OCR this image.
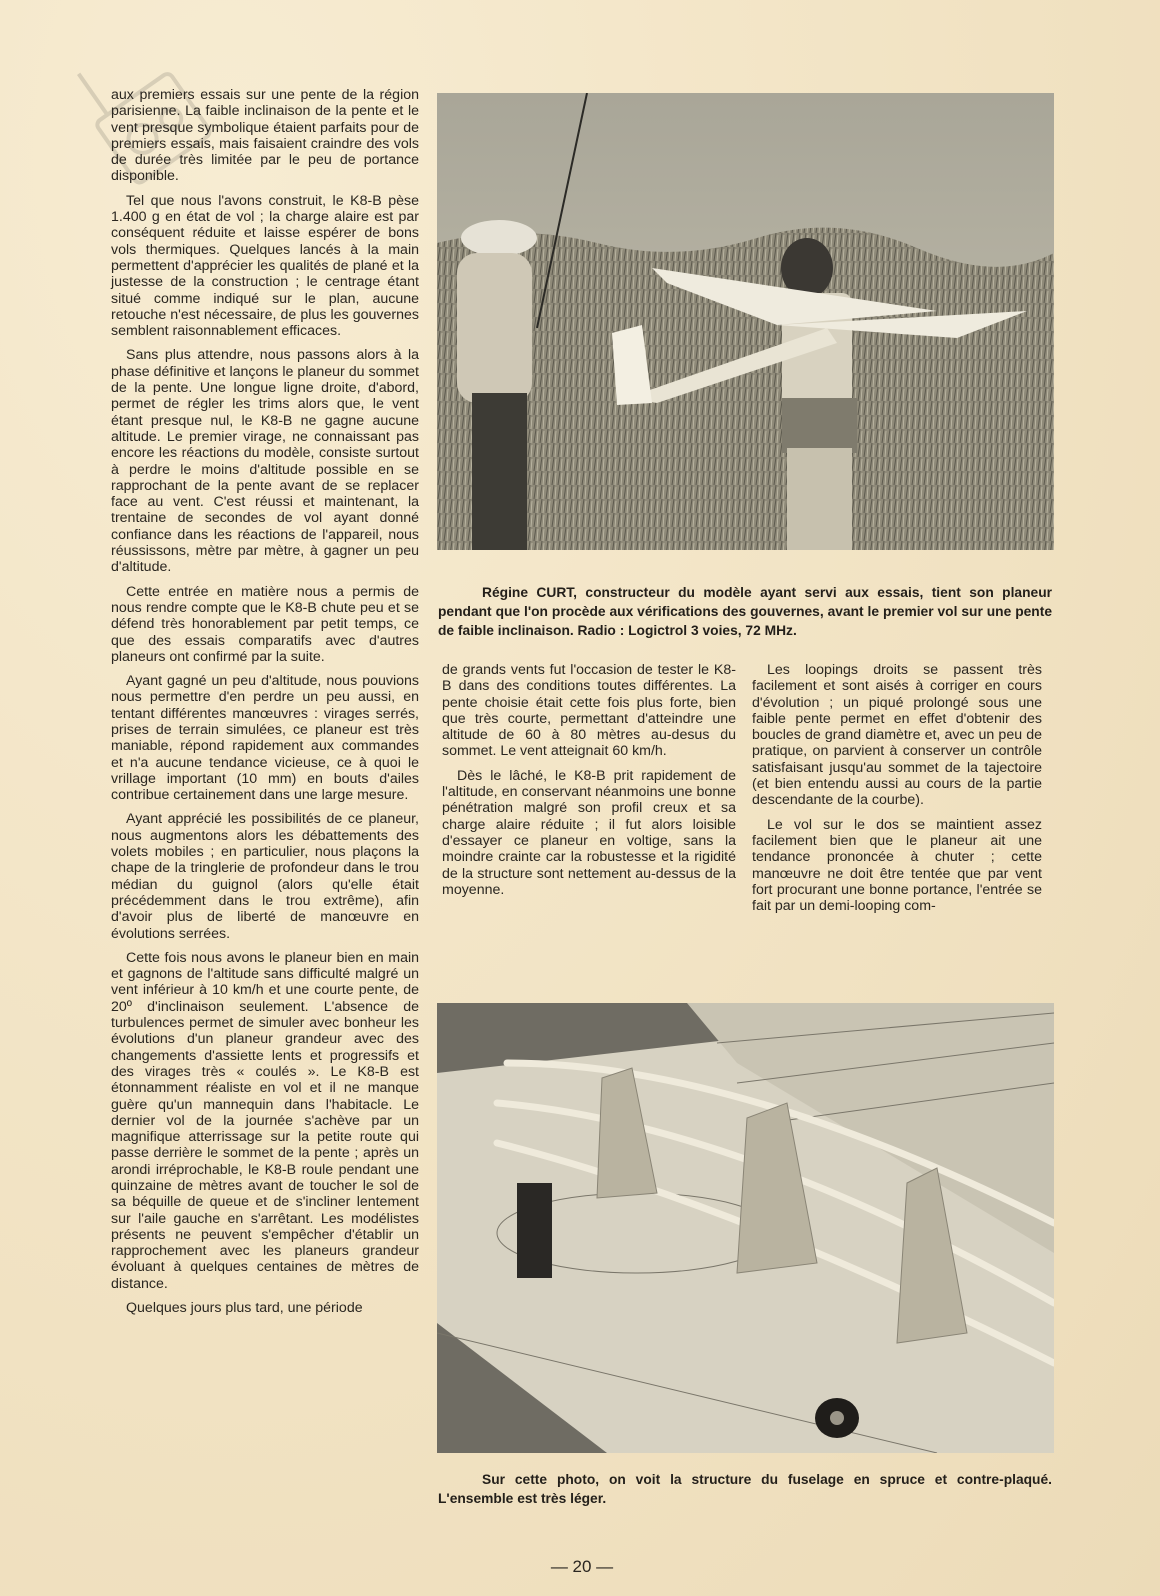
aux premiers essais sur une pente de la région parisienne. La faible inclinaison de la pente et le vent presque symbolique étaient parfaits pour de premiers essais, mais faisaient craindre des vols de durée très limitée par le peu de portance disponible.

Tel que nous l'avons construit, le K8-B pèse 1.400 g en état de vol ; la charge alaire est par conséquent réduite et laisse espérer de bons vols thermiques. Quelques lancés à la main permettent d'apprécier les qualités de plané et la justesse de la construction ; le centrage étant situé comme indiqué sur le plan, aucune retouche n'est nécessaire, de plus les gouvernes semblent raisonnablement efficaces.

Sans plus attendre, nous passons alors à la phase définitive et lançons le planeur du sommet de la pente. Une longue ligne droite, d'abord, permet de régler les trims alors que, le vent étant presque nul, le K8-B ne gagne aucune altitude. Le premier virage, ne connaissant pas encore les réactions du modèle, consiste surtout à perdre le moins d'altitude possible en se rapprochant de la pente avant de se replacer face au vent. C'est réussi et maintenant, la trentaine de secondes de vol ayant donné confiance dans les réactions de l'appareil, nous réussissons, mètre par mètre, à gagner un peu d'altitude.

Cette entrée en matière nous a permis de nous rendre compte que le K8-B chute peu et se défend très honorablement par petit temps, ce que des essais comparatifs avec d'autres planeurs ont confirmé par la suite.

Ayant gagné un peu d'altitude, nous pouvions nous permettre d'en perdre un peu aussi, en tentant différentes manœuvres : virages serrés, prises de terrain simulées, ce planeur est très maniable, répond rapidement aux commandes et n'a aucune tendance vicieuse, ce à quoi le vrillage important (10 mm) en bouts d'ailes contribue certainement dans une large mesure.

Ayant apprécié les possibilités de ce planeur, nous augmentons alors les débattements des volets mobiles ; en particulier, nous plaçons la chape de la tringlerie de profondeur dans le trou médian du guignol (alors qu'elle était précédemment dans le trou extrême), afin d'avoir plus de liberté de manœuvre en évolutions serrées.

Cette fois nous avons le planeur bien en main et gagnons de l'altitude sans difficulté malgré un vent inférieur à 10 km/h et une courte pente, de 20º d'inclinaison seulement. L'absence de turbulences permet de simuler avec bonheur les évolutions d'un planeur grandeur avec des changements d'assiette lents et progressifs et des virages très « coulés ». Le K8-B est étonnamment réaliste en vol et il ne manque guère qu'un mannequin dans l'habitacle. Le dernier vol de la journée s'achève par un magnifique atterrissage sur la petite route qui passe derrière le sommet de la pente ; après un arondi irréprochable, le K8-B roule pendant une quinzaine de mètres avant de toucher le sol de sa béquille de queue et de s'incliner lentement sur l'aile gauche en s'arrêtant. Les modélistes présents ne peuvent s'empêcher d'établir un rapprochement avec les planeurs grandeur évoluant à quelques centaines de mètres de distance.

Quelques jours plus tard, une période

Régine CURT, constructeur du modèle ayant servi aux essais, tient son planeur pendant que l'on procède aux vérifications des gouvernes, avant le premier vol sur une pente de faible inclinaison. Radio : Logictrol 3 voies, 72 MHz.

de grands vents fut l'occasion de tester le K8-B dans des conditions toutes différentes. La pente choisie était cette fois plus forte, bien que très courte, permettant d'atteindre une altitude de 60 à 80 mètres au-desus du sommet. Le vent atteignait 60 km/h.

Dès le lâché, le K8-B prit rapidement de l'altitude, en conservant néanmoins une bonne pénétration malgré son profil creux et sa charge alaire réduite ; il fut alors loisible d'essayer ce planeur en voltige, sans la moindre crainte car la robustesse et la rigidité de la structure sont nettement au-dessus de la moyenne.

Les loopings droits se passent très facilement et sont aisés à corriger en cours d'évolution ; un piqué prolongé sous une faible pente permet en effet d'obtenir des boucles de grand diamètre et, avec un peu de pratique, on parvient à conserver un contrôle satisfaisant jusqu'au sommet de la tajectoire (et bien entendu aussi au cours de la partie descendante de la courbe).

Le vol sur le dos se maintient assez facilement bien que le planeur ait une tendance prononcée à chuter ; cette manœuvre ne doit être tentée que par vent fort procurant une bonne portance, l'entrée se fait par un demi-looping com-

Sur cette photo, on voit la structure du fuselage en spruce et contre-plaqué. L'ensemble est très léger.
— 20 —
